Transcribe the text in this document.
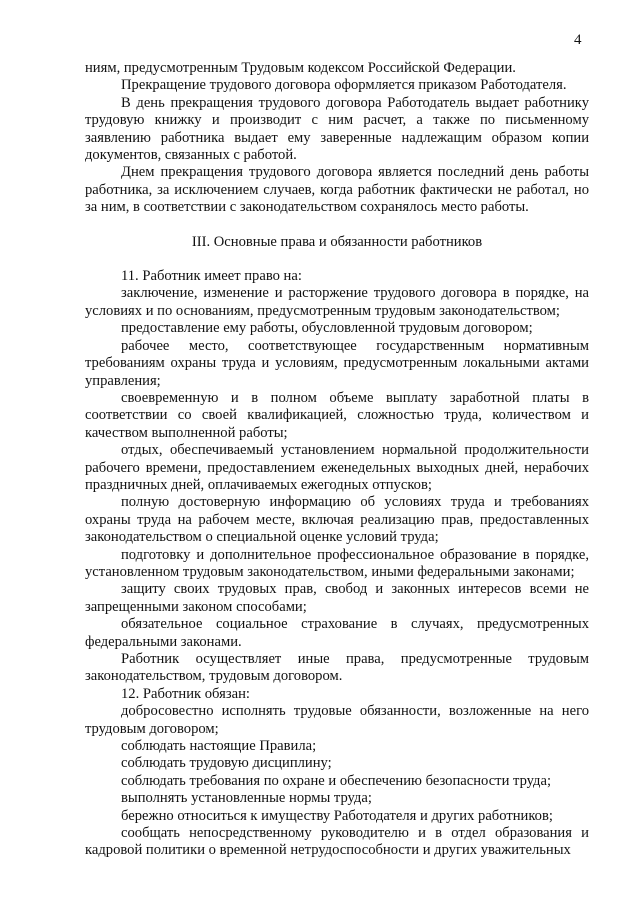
4

ниям, предусмотренным Трудовым кодексом Российской Федерации.

Прекращение трудового договора оформляется приказом Работодателя.

В день прекращения трудового договора Работодатель выдает работнику трудовую книжку и производит с ним расчет, а также по письменному заявлению работника выдает ему заверенные надлежащим образом копии документов, связанных с работой.

Днем прекращения трудового договора является последний день работы работника, за исключением случаев, когда работник фактически не работал, но за ним, в соответствии с законодательством сохранялось место работы.

III. Основные права и обязанности работников

11. Работник имеет право на:

заключение, изменение и расторжение трудового договора в порядке, на условиях и по основаниям, предусмотренным трудовым законодательством;

предоставление ему работы, обусловленной трудовым договором;

рабочее место, соответствующее государственным нормативным требованиям охраны труда и условиям, предусмотренным локальными актами управления;

своевременную и в полном объеме выплату заработной платы в соответствии со своей квалификацией, сложностью труда, количеством и качеством выполненной работы;

отдых, обеспечиваемый установлением нормальной продолжительности рабочего времени, предоставлением еженедельных выходных дней, нерабочих праздничных дней, оплачиваемых ежегодных отпусков;

полную достоверную информацию об условиях труда и требованиях охраны труда на рабочем месте, включая реализацию прав, предоставленных законодательством о специальной оценке условий труда;

подготовку и дополнительное профессиональное образование в порядке, установленном трудовым законодательством, иными федеральными законами;

защиту своих трудовых прав, свобод и законных интересов всеми не запрещенными законом способами;

обязательное социальное страхование в случаях, предусмотренных федеральными законами.

Работник осуществляет иные права, предусмотренные трудовым законодательством, трудовым договором.

12. Работник обязан:

добросовестно исполнять трудовые обязанности, возложенные на него трудовым договором;

соблюдать настоящие Правила;

соблюдать трудовую дисциплину;

соблюдать требования по охране и обеспечению безопасности труда;

выполнять установленные нормы труда;

бережно относиться к имуществу Работодателя и других работников;

сообщать непосредственному руководителю и в отдел образования и кадровой политики о временной нетрудоспособности и других уважительных
